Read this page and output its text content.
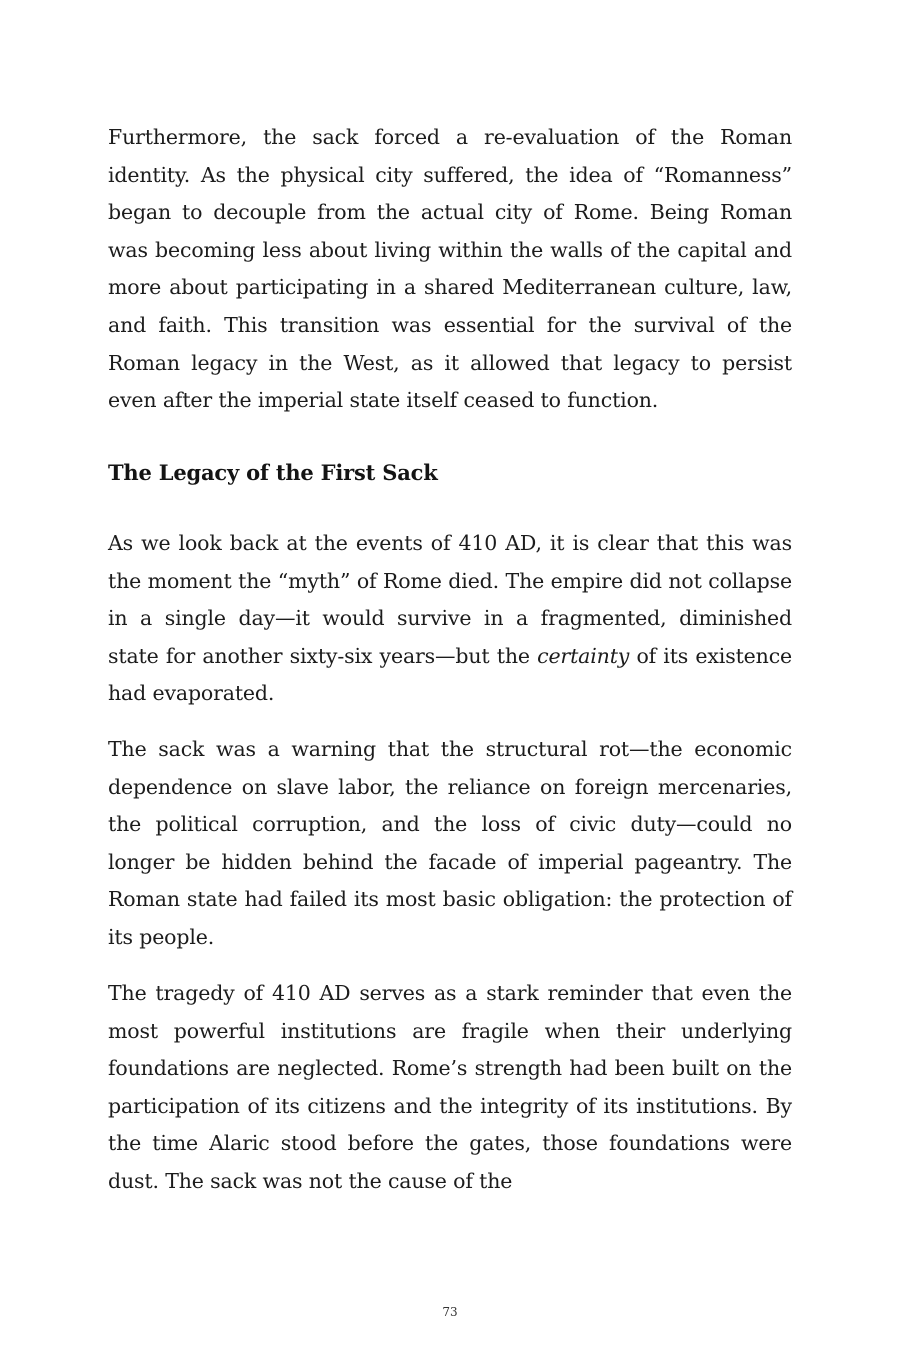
Furthermore, the sack forced a re-evaluation of the Roman identity. As the physical city suffered, the idea of “Romanness” began to decouple from the actual city of Rome. Being Roman was becoming less about living within the walls of the capital and more about participating in a shared Mediterranean culture, law, and faith. This transition was essential for the survival of the Roman legacy in the West, as it allowed that legacy to persist even after the imperial state itself ceased to function.

The Legacy of the First Sack

As we look back at the events of 410 AD, it is clear that this was the moment the “myth” of Rome died. The empire did not collapse in a single day—it would survive in a fragmented, diminished state for another sixty-six years—but the certainty of its existence had evaporated.

The sack was a warning that the structural rot—the economic dependence on slave labor, the reliance on foreign mercenaries, the political corruption, and the loss of civic duty—could no longer be hidden behind the facade of imperial pageantry. The Roman state had failed its most basic obligation: the protection of its people.

The tragedy of 410 AD serves as a stark reminder that even the most powerful institutions are fragile when their underlying foundations are neglected. Rome’s strength had been built on the participation of its citizens and the integrity of its institutions. By the time Alaric stood before the gates, those foundations were dust. The sack was not the cause of the

73
